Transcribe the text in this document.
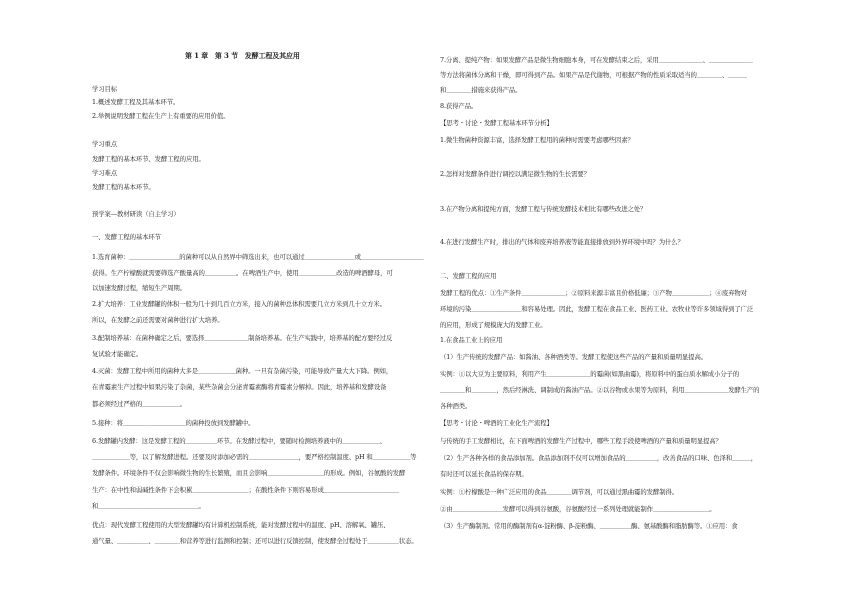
第 1 章　第 3 节　发酵工程及其应用
学习目标
1.概述发酵工程及其基本环节。
2.举例说明发酵工程在生产上有重要的应用价值。
学习重点
发酵工程的基本环节、发酵工程的应用。
学习难点
发酵工程的基本环节。
预学案—教材研读（自主学习）
一、发酵工程的基本环节
1.选育菌种：＿＿＿＿＿＿＿＿的菌种可以从自然界中筛选出来，也可以通过＿＿＿＿＿＿＿＿或＿＿＿＿＿＿＿＿＿＿
获得。生产柠檬酸就需要筛选产酸量高的＿＿＿＿＿。在啤酒生产中，使用＿＿＿＿＿＿改造的啤酒酵母，可
以加速发酵过程，缩短生产周期。
2.扩大培养：工业发酵罐的体积一般为几十到几百立方米，接入的菌种总体积需要几立方米到几十立方米。
所以，在发酵之前还需要对菌种进行扩大培养。
3.配制培养基：在菌种确定之后，要选择＿＿＿＿＿＿＿制备培养基。在生产实践中，培养基的配方要经过反
复试验才能确定。
4.灭菌：发酵工程中所用的菌种大多是＿＿＿＿＿＿菌种。一旦有杂菌污染，可能导致产量大大下降。例如，
在青霉素生产过程中如果污染了杂菌，某些杂菌会分泌青霉素酶将青霉素分解掉。因此，培养基和发酵设备
都必须经过严格的＿＿＿＿＿＿。
5.接种：将＿＿＿＿＿＿＿＿＿＿的菌种投放到发酵罐中。
6.发酵罐内发酵：这是发酵工程的＿＿＿＿＿环节。在发酵过程中，要随时检测培养液中的＿＿＿＿＿＿、
＿＿＿＿＿＿等，以了解发酵进程。还要及时添加必需的＿＿＿＿＿＿＿＿，要严格控制温度、pH 和＿＿＿＿＿＿等
发酵条件。环境条件不仅会影响微生物的生长繁殖，而且会影响＿＿＿＿＿＿＿＿＿的形成。例如，谷氨酸的发酵
生产：在中性和弱碱性条件下会积累＿＿＿＿＿＿＿＿＿；在酸性条件下则容易形成＿＿＿＿＿＿＿＿＿＿＿＿
和＿＿＿＿＿＿＿＿＿＿＿＿＿＿＿＿。
优点：现代发酵工程使用的大型发酵罐均有计算机控制系统，能对发酵过程中的温度、pH、溶解氧、罐压、
通气量、＿＿＿＿＿、＿＿＿＿和营养等进行监测和控制；还可以进行反馈控制，使发酵全过程处于＿＿＿＿＿状态。
7.分离、提纯产物：如果发酵产品是微生物细胞本身，可在发酵结束之后，采用＿＿＿＿＿＿＿、＿＿＿＿＿＿＿
等方法将菌体分离和干燥，即可得到产品。如果产品是代谢物，可根据产物的性质采取适当的＿＿＿＿、＿＿＿
和＿＿＿＿措施来获得产品。
8.获得产品。
【思考・讨论・发酵工程基本环节分析】
1.微生物菌种资源丰富，选择发酵工程用的菌种时需要考虑哪些因素？
2.怎样对发酵条件进行调控以满足微生物的生长需要？
3.在产物分离和提纯方面，发酵工程与传统发酵技术相比有哪些改进之处？
4.在进行发酵生产时，排出的气体和废弃培养液等能直接排放到外界环境中吗？为什么？
二、发酵工程的应用
发酵工程的优点：①生产条件＿＿＿＿＿＿＿；②原料来源丰富且价格低廉；③产物＿＿＿＿＿＿；④废弃物对
环境的污染＿＿＿＿＿＿＿＿和容易处理。因此，发酵工程在食品工业、医药工业、农牧业等许多领域得到了广泛
的应用，形成了规模庞大的发酵工业。
1.在食品工业上的应用
（1）生产传统的发酵产品：如酱油、各种酒类等。发酵工程使这些产品的产量和质量明显提高。
实例：①以大豆为主要原料，利用产生＿＿＿＿＿＿＿的霉菌(如黑曲霉)，将原料中的蛋白质水解成小分子的
＿＿＿＿和＿＿＿＿，然后经淋洗、调制成的酱油产品。②以谷物或水果等为原料，利用＿＿＿＿＿＿＿发酵生产的
各种酒类。
【思考・讨论・啤酒的工业化生产流程】
与传统的手工发酵相比，在下面啤酒的发酵生产过程中，哪些工程手段使啤酒的产量和质量明显提高？
（2）生产各种各样的食品添加剂。食品添加剂不仅可以增加食品的＿＿＿＿＿，改善食品的口味、色泽和＿＿＿，
有时还可以延长食品的保存期。
实例：①柠檬酸是一种广泛应用的食品＿＿＿＿调节剂，可以通过黑曲霉的发酵制得。
②由＿＿＿＿＿＿＿＿发酵可以得到谷氨酸，谷氨酸经过一系列处理就能制作＿＿＿＿＿＿＿＿＿。
（3）生产酶制剂。常用的酶制剂有α-淀粉酶、β-淀粉酶、＿＿＿＿＿酶、氨基酸酶和脂肪酶等。①应用：食
